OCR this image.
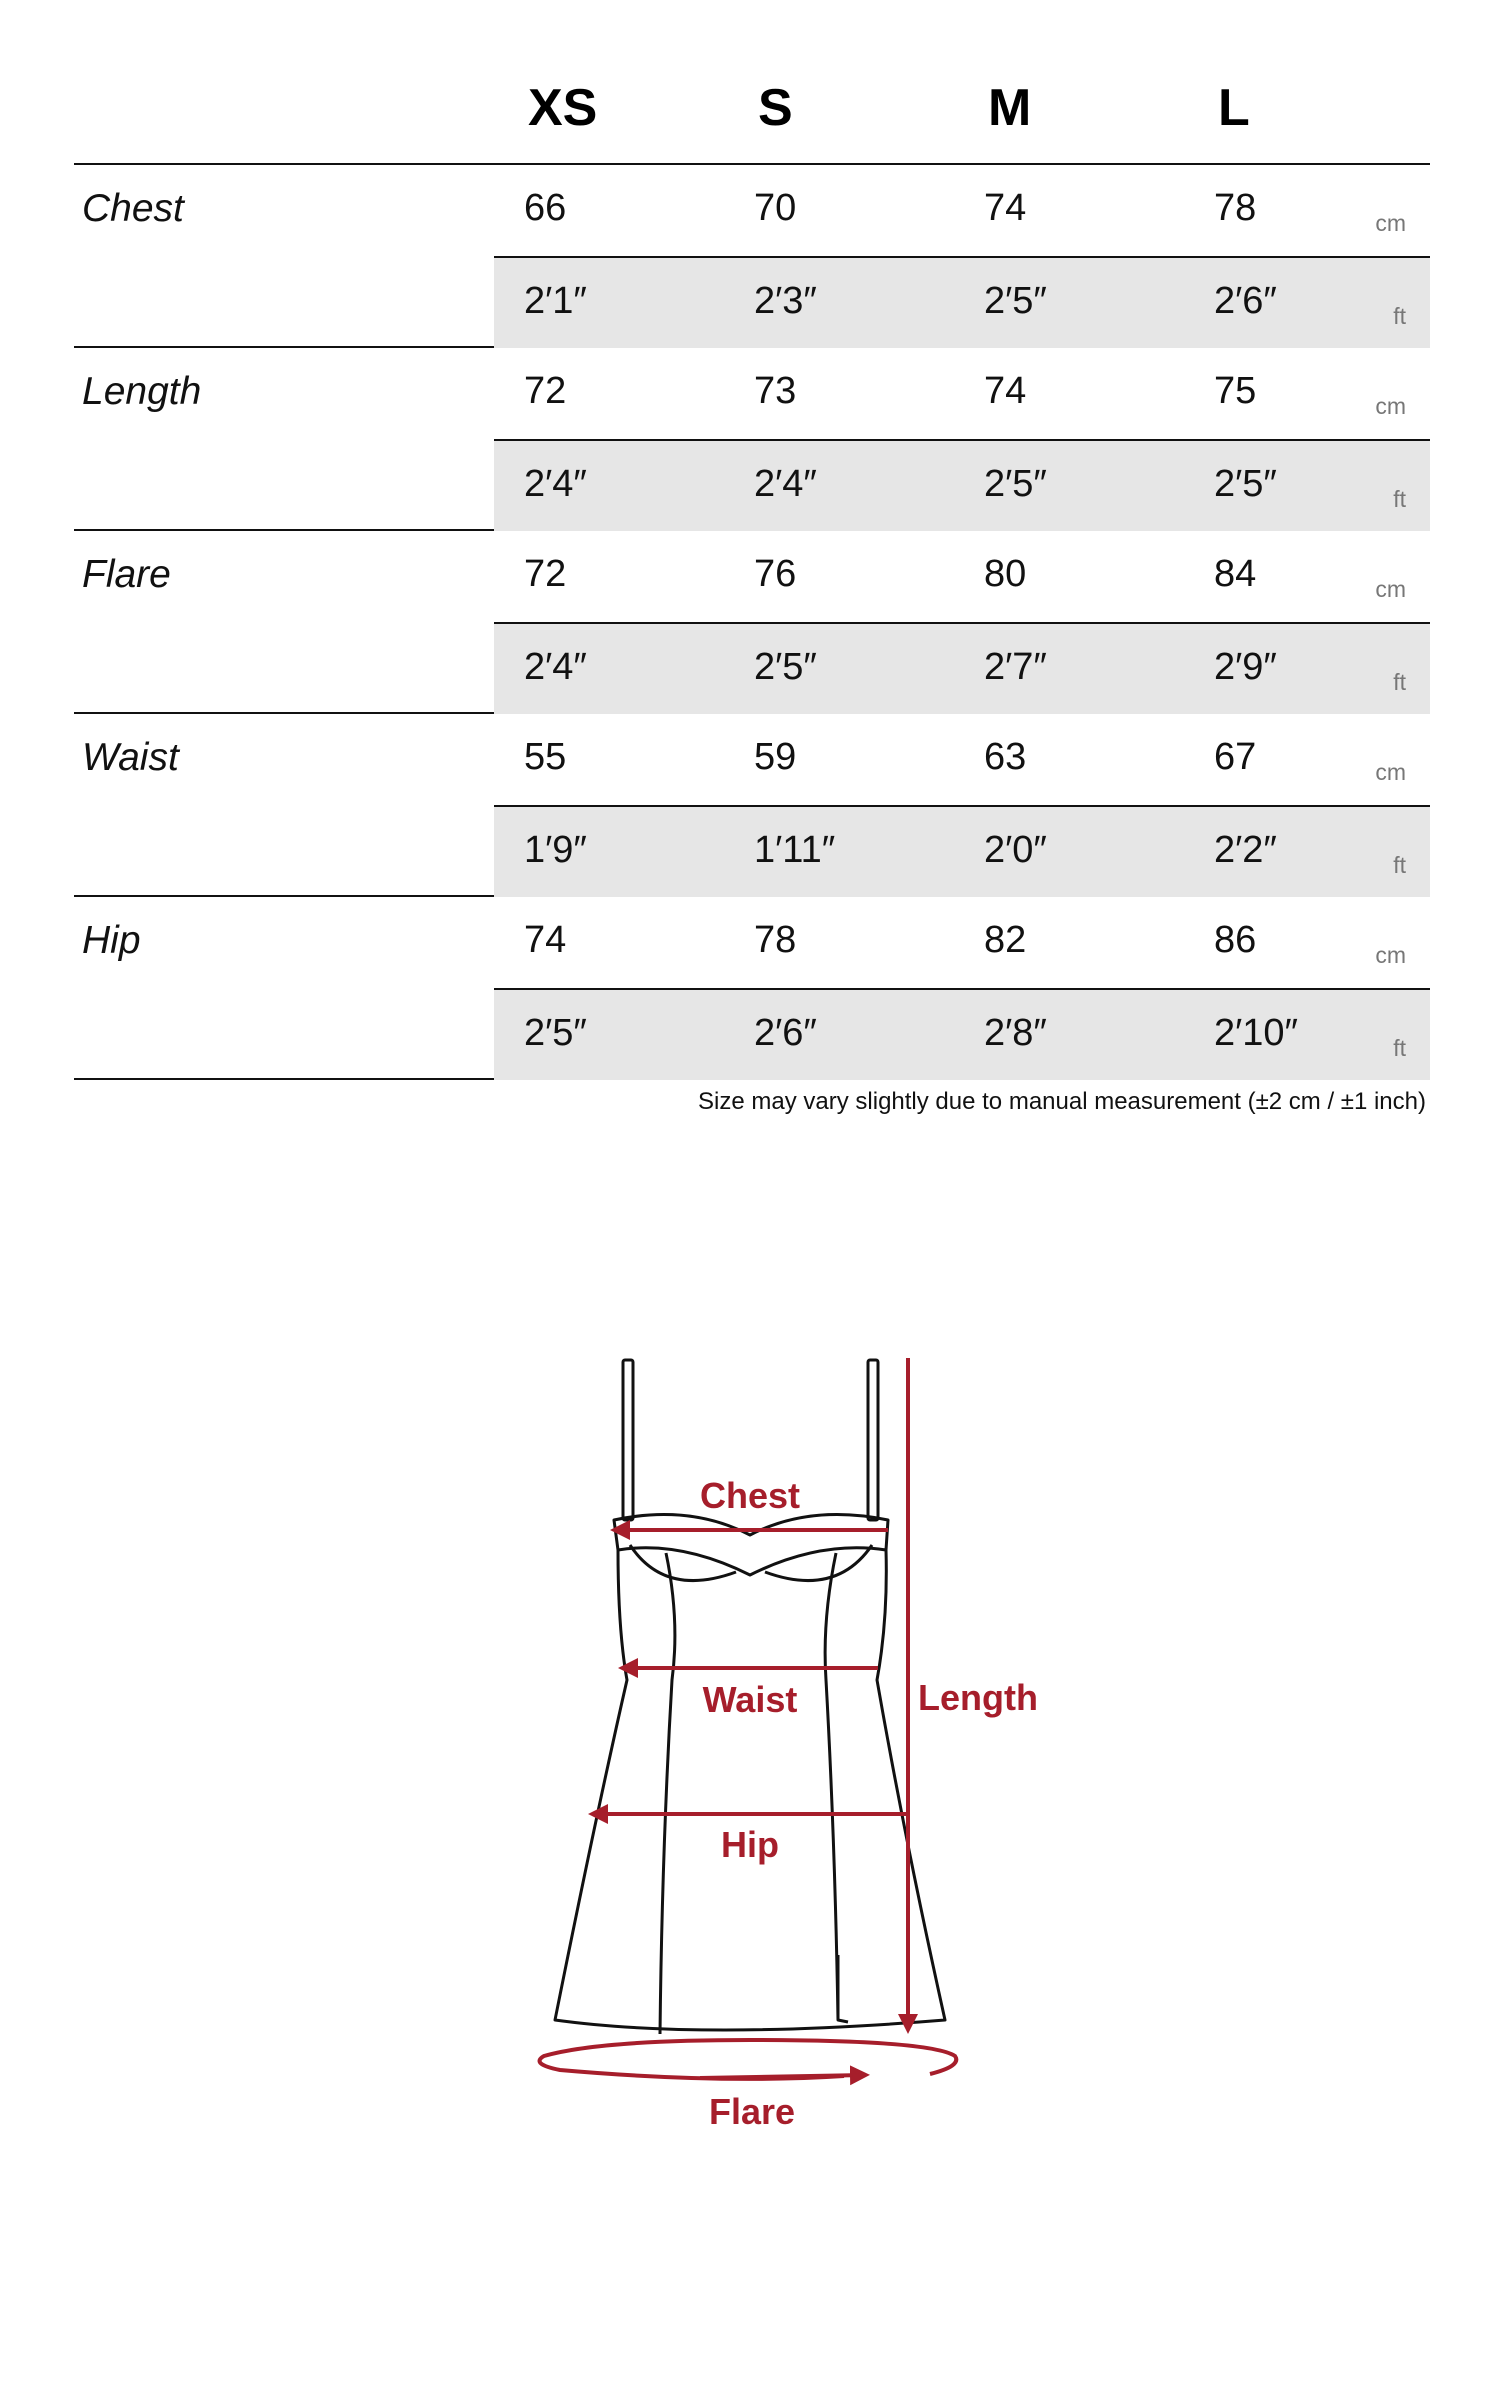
XS	S	M	L
Chest	66	70	74	78	cm
2′1″	2′3″	2′5″	2′6″	ft
Length	72	73	74	75	cm
2′4″	2′4″	2′5″	2′5″	ft
Flare	72	76	80	84	cm
2′4″	2′5″	2′7″	2′9″	ft
Waist	55	59	63	67	cm
1′9″	1′11″	2′0″	2′2″	ft
Hip	74	78	82	86	cm
2′5″	2′6″	2′8″	2′10″	ft
Size may vary slightly due to manual measurement (±2 cm / ±1 inch)
Chest
Waist
Hip
Length
Flare
